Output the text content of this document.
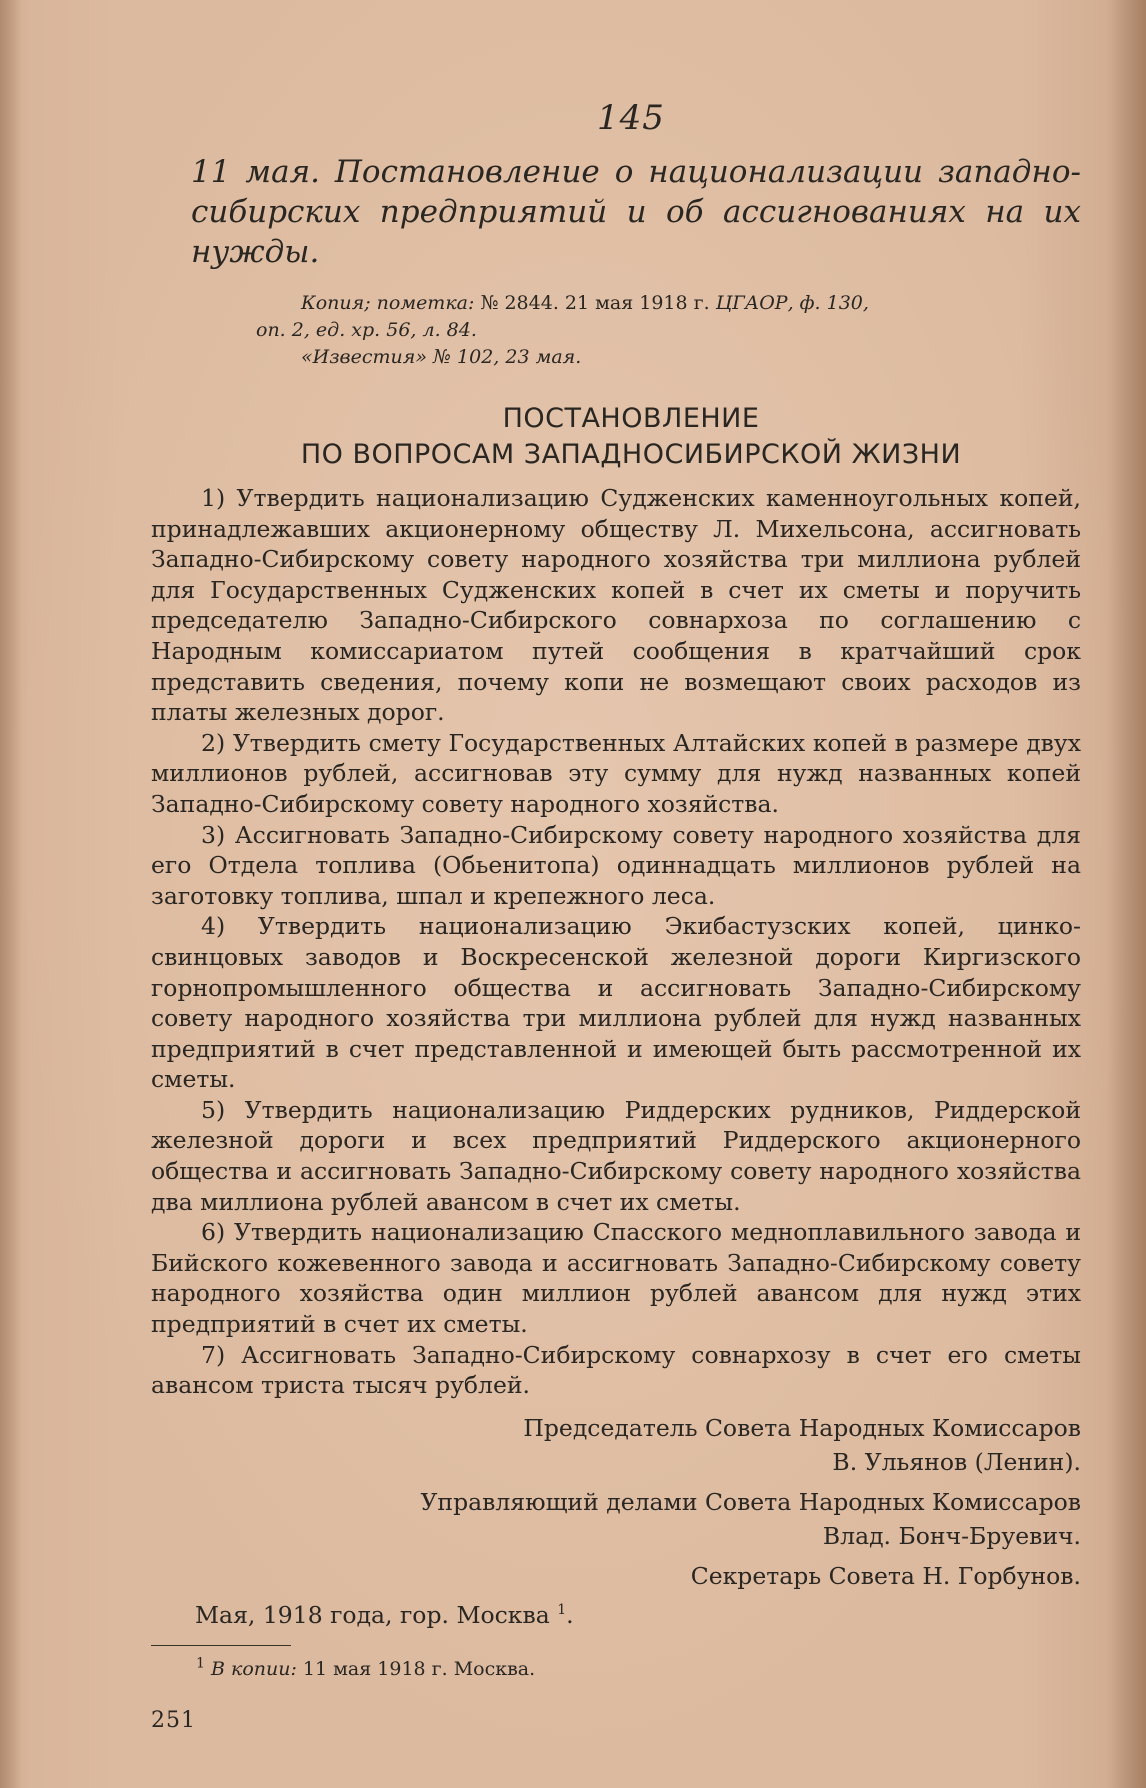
145
11 мая. Постановление о национализации западно-сибирских предприятий и об ассигнованиях на их нужды.
Копия; пометка: № 2844. 21 мая 1918 г. ЦГАОР, ф. 130,
оп. 2, ед. хр. 56, л. 84.
«Известия» № 102, 23 мая.
ПОСТАНОВЛЕНИЕ
ПО ВОПРОСАМ ЗАПАДНОСИБИРСКОЙ ЖИЗНИ

1) Утвердить национализацию Судженских каменноугольных копей, принадлежавших акционерному обществу Л. Михельсона, ассигновать Западно-Сибирскому совету народного хозяйства три миллиона рублей для Государственных Судженских копей в счет их сметы и поручить председателю Западно-Сибирского совнархоза по соглашению с Народным комиссариатом путей сообщения в кратчайший срок представить сведения, почему копи не возмещают своих расходов из платы железных дорог.

2) Утвердить смету Государственных Алтайских копей в размере двух миллионов рублей, ассигновав эту сумму для нужд названных копей Западно-Сибирскому совету народного хозяйства.

3) Ассигновать Западно-Сибирскому совету народного хозяйства для его Отдела топлива (Обьенитопа) одиннадцать миллионов рублей на заготовку топлива, шпал и крепежного леса.

4) Утвердить национализацию Экибастузских копей, цинко-свинцовых заводов и Воскресенской железной дороги Киргизского горнопромышленного общества и ассигновать Западно-Сибирскому совету народного хозяйства три миллиона рублей для нужд названных предприятий в счет представленной и имеющей быть рассмотренной их сметы.

5) Утвердить национализацию Риддерских рудников, Риддерской железной дороги и всех предприятий Риддерского акционерного общества и ассигновать Западно-Сибирскому совету народного хозяйства два миллиона рублей авансом в счет их сметы.

6) Утвердить национализацию Спасского медноплавильного завода и Бийского кожевенного завода и ассигновать Западно-Сибирскому совету народного хозяйства один миллион рублей авансом для нужд этих предприятий в счет их сметы.

7) Ассигновать Западно-Сибирскому совнархозу в счет его сметы авансом триста тысяч рублей.

Председатель Совета Народных Комиссаров
В. Ульянов (Ленин).
Управляющий делами Совета Народных Комиссаров
Влад. Бонч-Бруевич.
Секретарь Совета Н. Горбунов.
Мая, 1918 года, гор. Москва $^1$.
$^1$ В копии: 11 мая 1918 г. Москва.
251
